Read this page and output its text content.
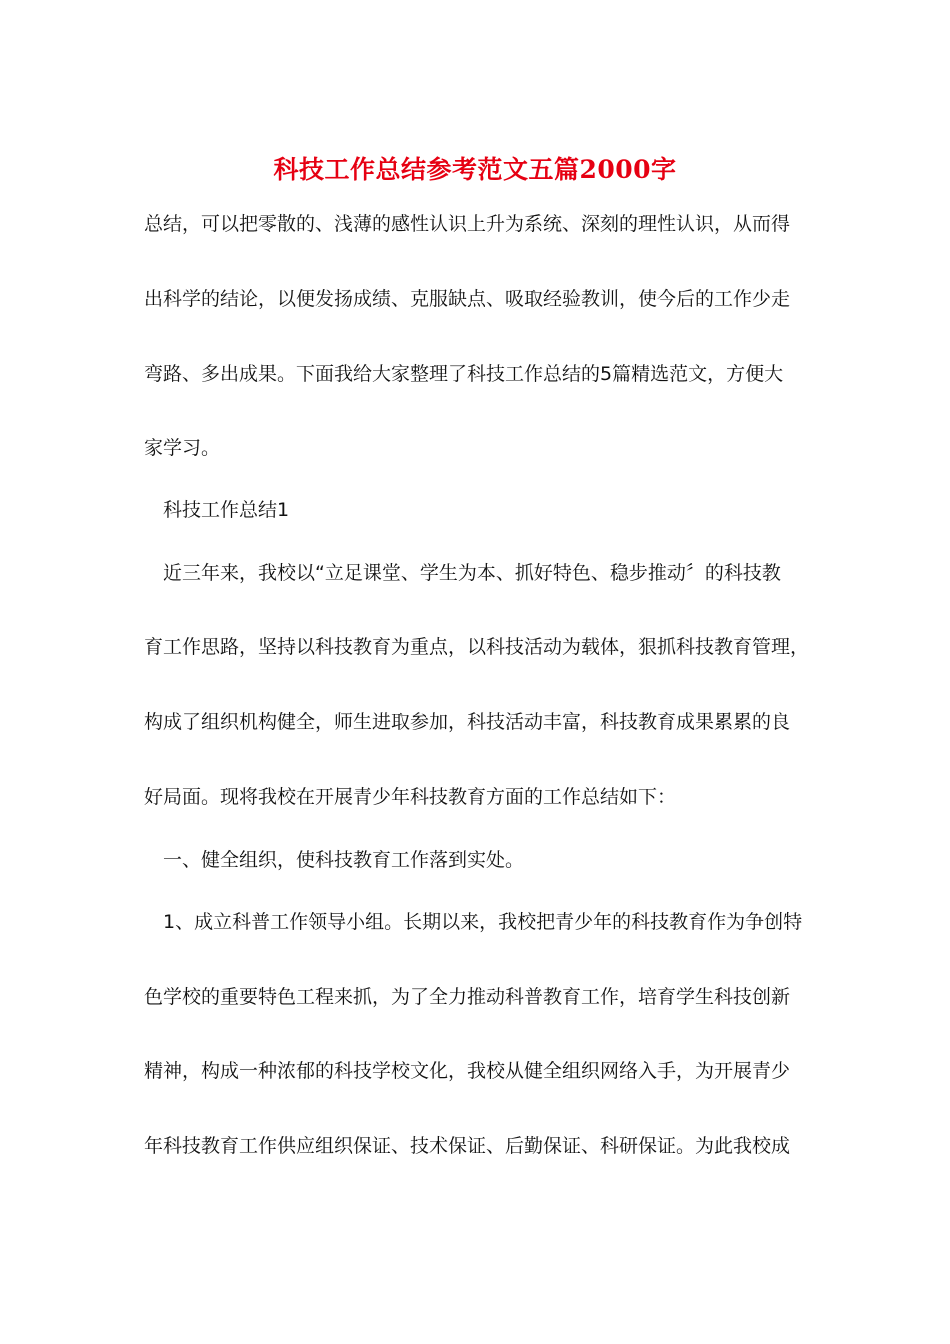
科技工作总结参考范文五篇2000字

总结，可以把零散的、浅薄的感性认识上升为系统、深刻的理性认识，从而得

出科学的结论，以便发扬成绩、克服缺点、吸取经验教训，使今后的工作少走

弯路、多出成果。下面我给大家整理了科技工作总结的5篇精选范文，方便大

家学习。

科技工作总结1

近三年来，我校以“立足课堂、学生为本、抓好特色、稳步推动〞的科技教

育工作思路，坚持以科技教育为重点，以科技活动为载体，狠抓科技教育管理，

构成了组织机构健全，师生进取参加，科技活动丰富，科技教育成果累累的良

好局面。现将我校在开展青少年科技教育方面的工作总结如下：

一、健全组织，使科技教育工作落到实处。

1、成立科普工作领导小组。长期以来，我校把青少年的科技教育作为争创特

色学校的重要特色工程来抓，为了全力推动科普教育工作，培育学生科技创新

精神，构成一种浓郁的科技学校文化，我校从健全组织网络入手，为开展青少

年科技教育工作供应组织保证、技术保证、后勤保证、科研保证。为此我校成
